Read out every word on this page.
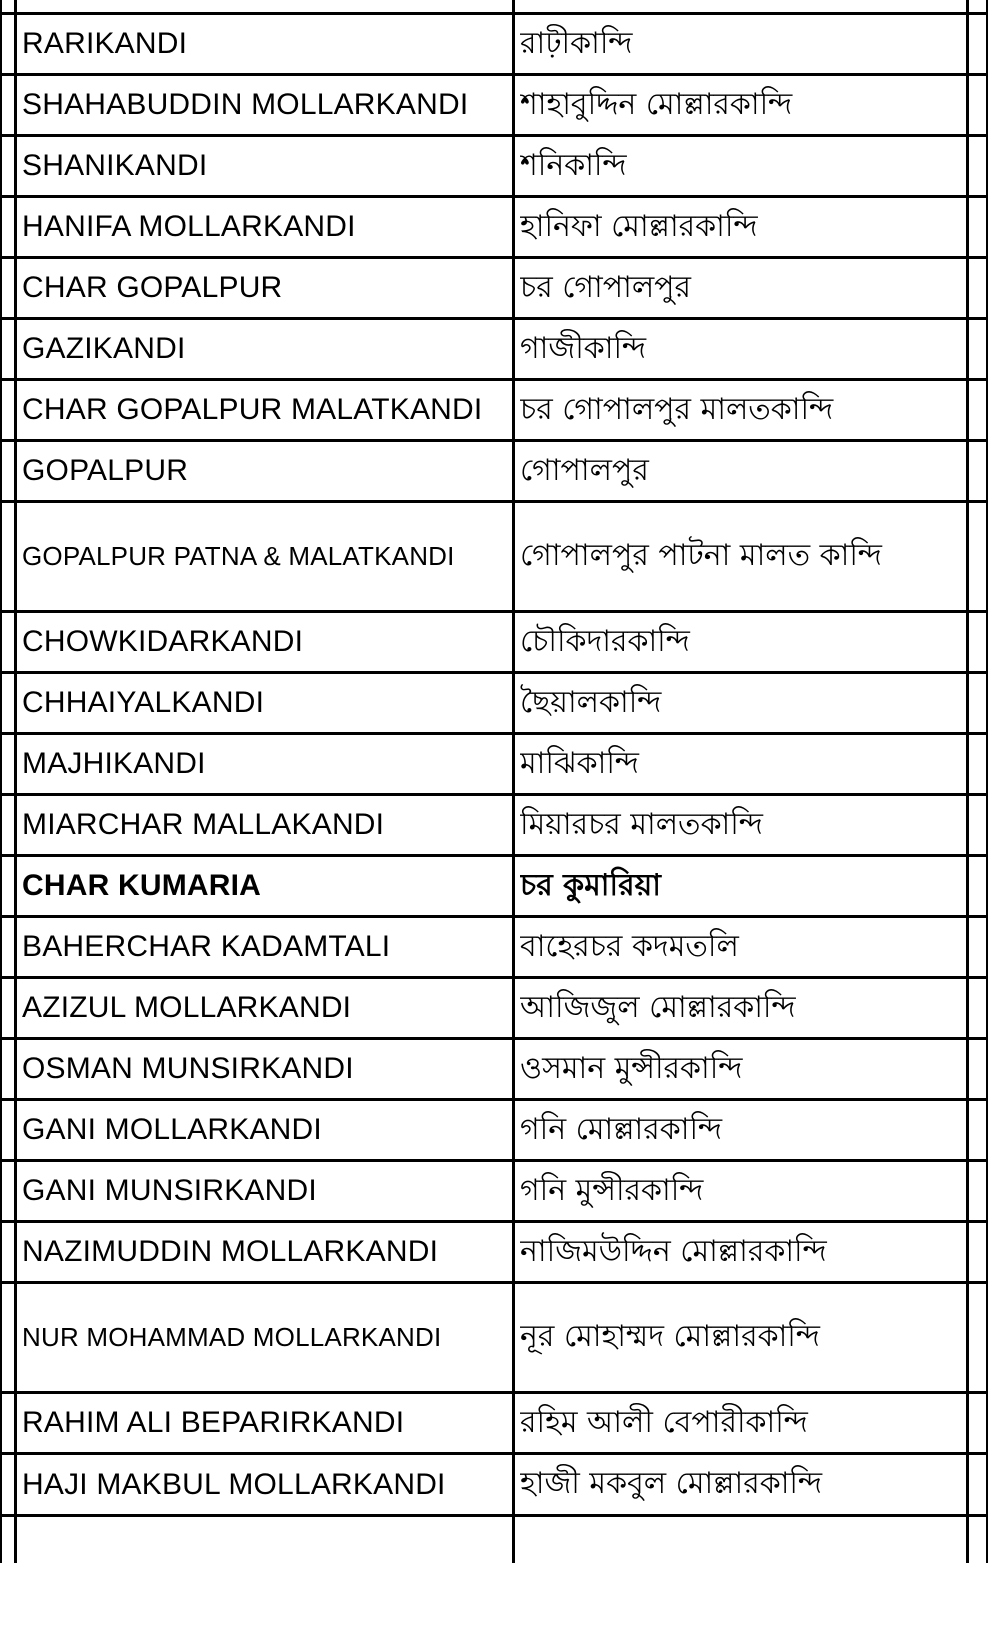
RARIKANDI	রাঢ়ীকান্দি
SHAHABUDDIN MOLLARKANDI	শাহাবুদ্দিন মোল্লারকান্দি
SHANIKANDI	শনিকান্দি
HANIFA MOLLARKANDI	হানিফা মোল্লারকান্দি
CHAR GOPALPUR	চর গোপালপুর
GAZIKANDI	গাজীকান্দি
CHAR GOPALPUR MALATKANDI	চর গোপালপুর মালতকান্দি
GOPALPUR	গোপালপুর
GOPALPUR PATNA & MALATKANDI	গোপালপুর পাটনা মালত কান্দি
CHOWKIDARKANDI	চৌকিদারকান্দি
CHHAIYALKANDI	ছৈয়ালকান্দি
MAJHIKANDI	মাঝিকান্দি
MIARCHAR MALLAKANDI	মিয়ারচর মালতকান্দি
CHAR KUMARIA	চর কুমারিয়া
BAHERCHAR KADAMTALI	বাহেরচর কদমতলি
AZIZUL MOLLARKANDI	আজিজুল মোল্লারকান্দি
OSMAN MUNSIRKANDI	ওসমান মুন্সীরকান্দি
GANI MOLLARKANDI	গনি মোল্লারকান্দি
GANI MUNSIRKANDI	গনি মুন্সীরকান্দি
NAZIMUDDIN MOLLARKANDI	নাজিমউদ্দিন মোল্লারকান্দি
NUR MOHAMMAD MOLLARKANDI	নূর মোহাম্মদ মোল্লারকান্দি
RAHIM ALI BEPARIRKANDI	রহিম আলী বেপারীকান্দি
HAJI MAKBUL MOLLARKANDI	হাজী মকবুল মোল্লারকান্দি
